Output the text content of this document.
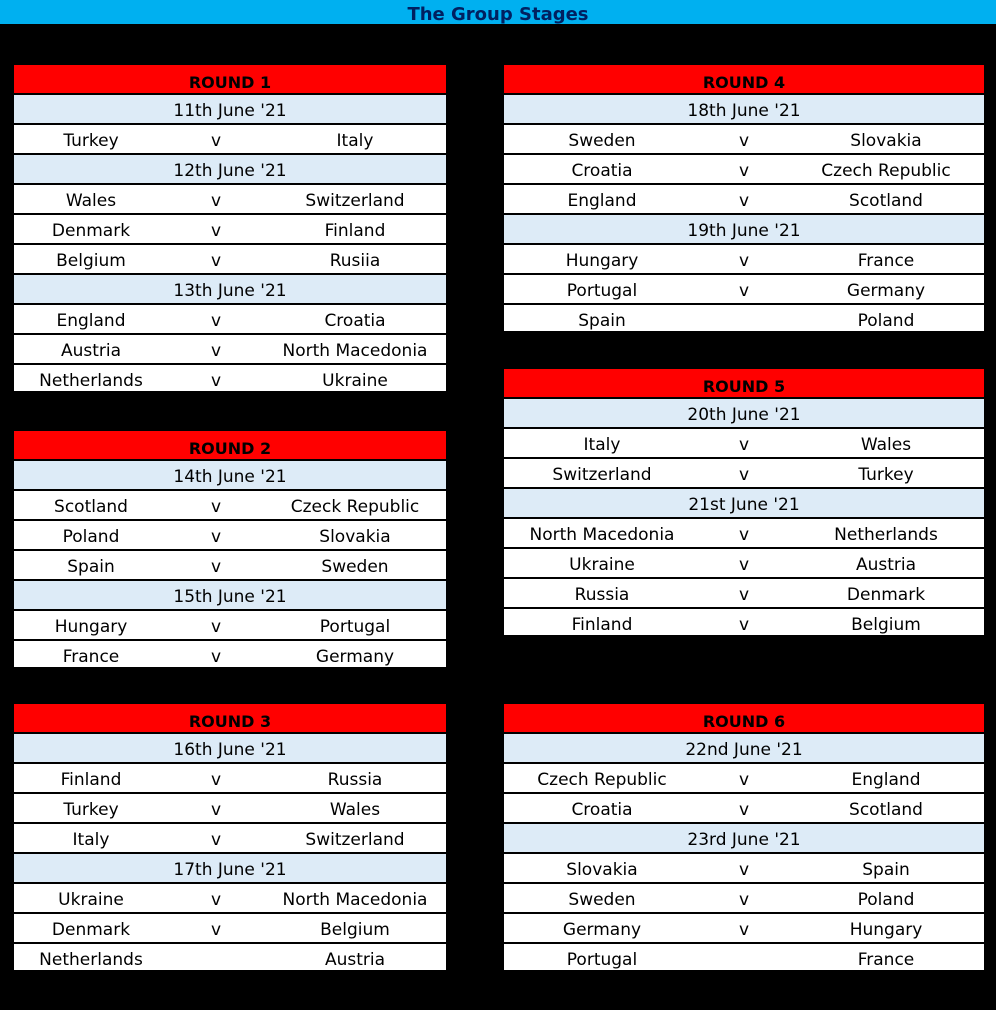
The Group Stages
ROUND 1
11th June '21
Turkey	v	Italy
12th June '21
Wales	v	Switzerland
Denmark	v	Finland
Belgium	v	Rusiia
13th June '21
England	v	Croatia
Austria	v	North Macedonia
Netherlands	v	Ukraine
ROUND 2
14th June '21
Scotland	v	Czeck Republic
Poland	v	Slovakia
Spain	v	Sweden
15th June '21
Hungary	v	Portugal
France	v	Germany
ROUND 3
16th June '21
Finland	v	Russia
Turkey	v	Wales
Italy	v	Switzerland
17th June '21
Ukraine	v	North Macedonia
Denmark	v	Belgium
Netherlands	Austria
ROUND 4
18th June '21
Sweden	v	Slovakia
Croatia	v	Czech Republic
England	v	Scotland
19th June '21
Hungary	v	France
Portugal	v	Germany
Spain	Poland
ROUND 5
20th June '21
Italy	v	Wales
Switzerland	v	Turkey
21st June '21
North Macedonia	v	Netherlands
Ukraine	v	Austria
Russia	v	Denmark
Finland	v	Belgium
ROUND 6
22nd June '21
Czech Republic	v	England
Croatia	v	Scotland
23rd June '21
Slovakia	v	Spain
Sweden	v	Poland
Germany	v	Hungary
Portugal	France
